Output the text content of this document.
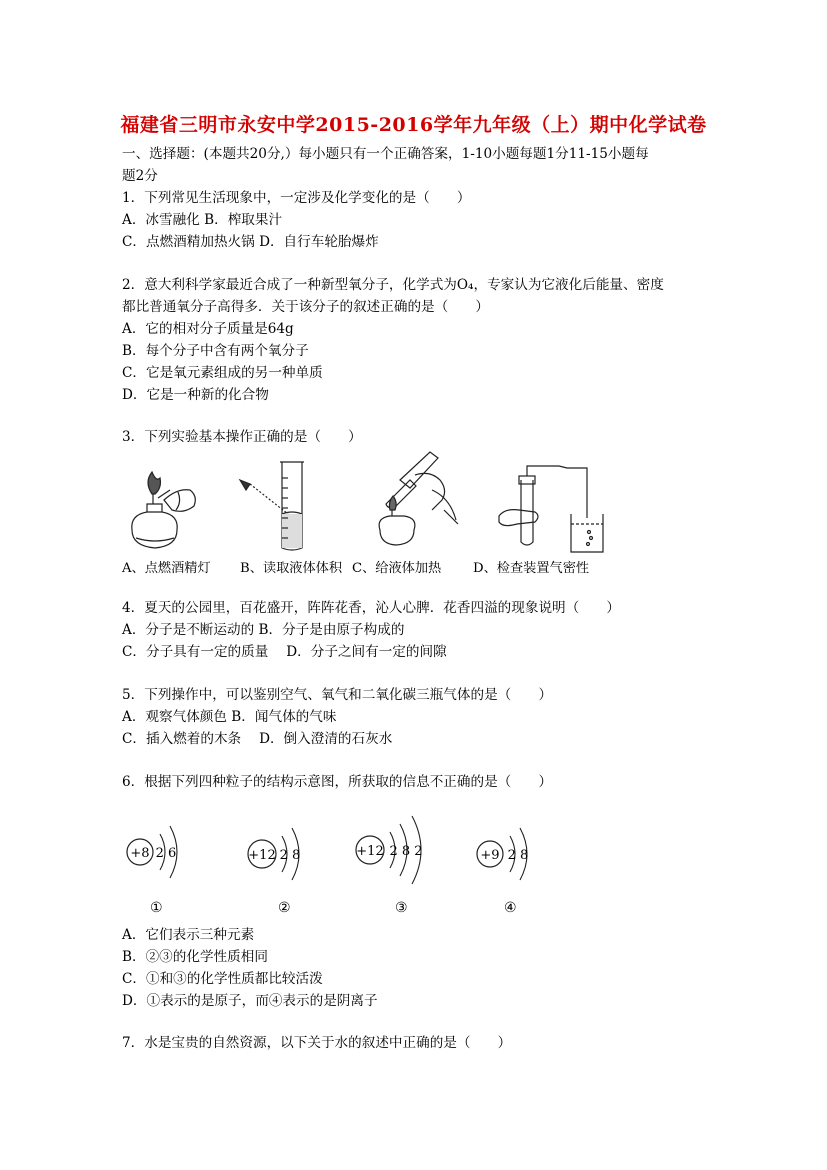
福建省三明市永安中学2015-2016学年九年级（上）期中化学试卷
一、选择题：(本题共20分,）每小题只有一个正确答案，1-10小题每题1分11-15小题每
题2分
1．下列常见生活现象中，一定涉及化学变化的是（　　）
A．冰雪融化 B．榨取果汁
C．点燃酒精加热火锅 D．自行车轮胎爆炸
2．意大利科学家最近合成了一种新型氧分子，化学式为O₄，专家认为它液化后能量、密度
都比普通氧分子高得多．关于该分子的叙述正确的是（　　）
A．它的相对分子质量是64g
B．每个分子中含有两个氧分子
C．它是氧元素组成的另一种单质
D．它是一种新的化合物
3．下列实验基本操作正确的是（　　）
A、点燃酒精灯 B、读取液体体积 C、给液体加热 D、检查装置气密性
4．夏天的公园里，百花盛开，阵阵花香，沁人心脾．花香四溢的现象说明（　　）
A．分子是不断运动的 B．分子是由原子构成的
C．分子具有一定的质量　 D．分子之间有一定的间隙
5．下列操作中，可以鉴别空气、氧气和二氧化碳三瓶气体的是（　　）
A．观察气体颜色 B．闻气体的气味
C．插入燃着的木条　 D．倒入澄清的石灰水
6．根据下列四种粒子的结构示意图，所获取的信息不正确的是（　　）
+8 2 6
①
+12 2 8
②
+12 2 8 2
③
+9 2 8
④
A．它们表示三种元素
B．②③的化学性质相同
C．①和③的化学性质都比较活泼
D．①表示的是原子，而④表示的是阴离子
7．水是宝贵的自然资源，以下关于水的叙述中正确的是（　　）
